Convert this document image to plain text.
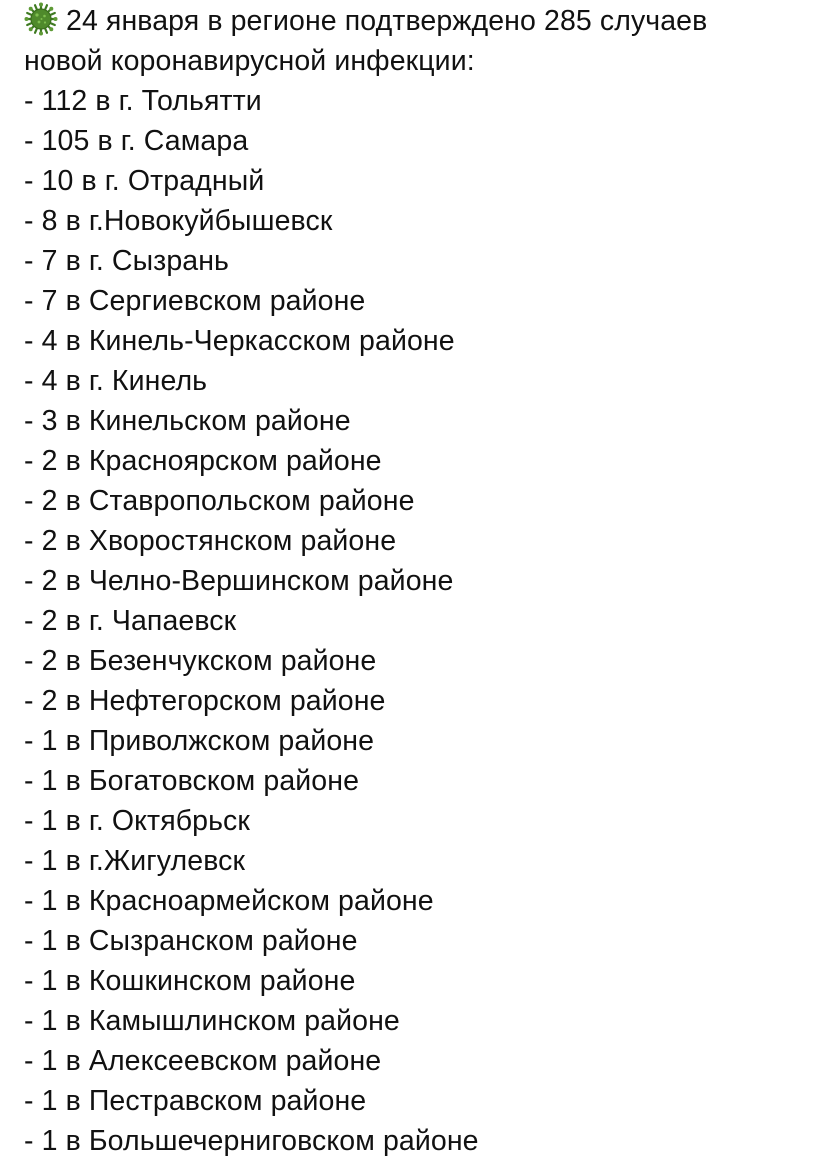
24 января в регионе подтверждено 285 случаев
новой коронавирусной инфекции:
- 112 в г. Тольятти
- 105 в г. Самара
- 10 в г. Отрадный
- 8 в г.Новокуйбышевск
- 7 в г. Сызрань
- 7 в Сергиевском районе
- 4 в Кинель-Черкасском районе
- 4 в г. Кинель
- 3 в Кинельском районе
- 2 в Красноярском районе
- 2 в Ставропольском районе
- 2 в Хворостянском районе
- 2 в Челно-Вершинском районе
- 2 в г. Чапаевск
- 2 в Безенчукском районе
- 2 в Нефтегорском районе
- 1 в Приволжском районе
- 1 в Богатовском районе
- 1 в г. Октябрьск
- 1 в г.Жигулевск
- 1 в Красноармейском районе
- 1 в Сызранском районе
- 1 в Кошкинском районе
- 1 в Камышлинском районе
- 1 в Алексеевском районе
- 1 в Пестравском районе
- 1 в Большечерниговском районе
